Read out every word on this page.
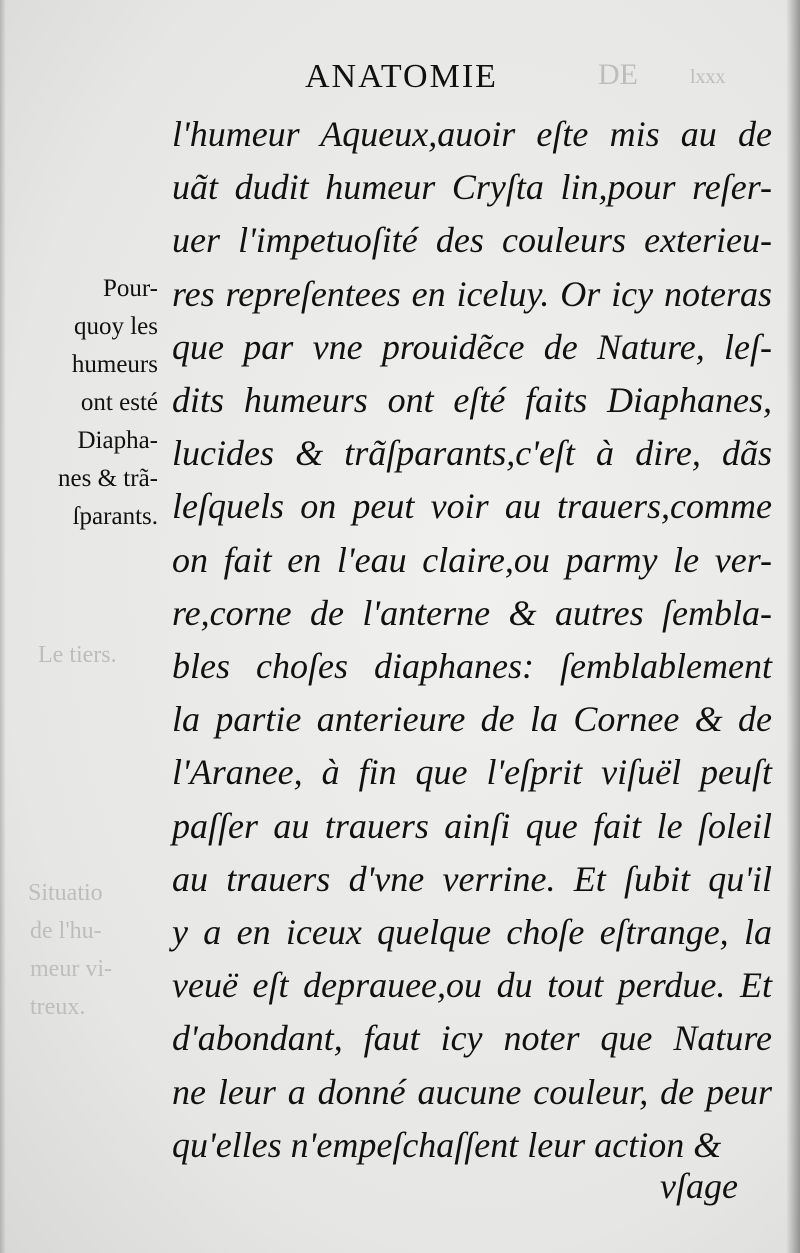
DE	lxxx
Le tiers.
Situatio
de l'hu-
meur vi-
treux.
ANATOMIE
Pour-
quoy les
humeurs
ont esté
Diapha-
nes & trã-
ſparants.
l'humeur Aqueux,auoir eſte mis au de
uãt dudit humeur Cryſta lin,pour reſer-
uer l'impetuoſité des couleurs exterieu-
res repreſentees en iceluy. Or icy noteras
que par vne prouidẽce de Nature, leſ-
dits humeurs ont eſté faits Diaphanes,
lucides & trãſparants,c'eſt à dire, dãs
leſquels on peut voir au trauers,comme
on fait en l'eau claire,ou parmy le ver-
re,corne de l'anterne & autres ſembla-
bles choſes diaphanes: ſemblablement
la partie anterieure de la Cornee & de
l'Aranee, à fin que l'eſprit viſuël peuſt
paſſer au trauers ainſi que fait le ſoleil
au trauers d'vne verrine. Et ſubit qu'il
y a en iceux quelque choſe eſtrange, la
veuë eſt deprauee,ou du tout perdue. Et
d'abondant, faut icy noter que Nature
ne leur a donné aucune couleur, de peur
qu'elles n'empeſchaſſent leur action &
vſage
